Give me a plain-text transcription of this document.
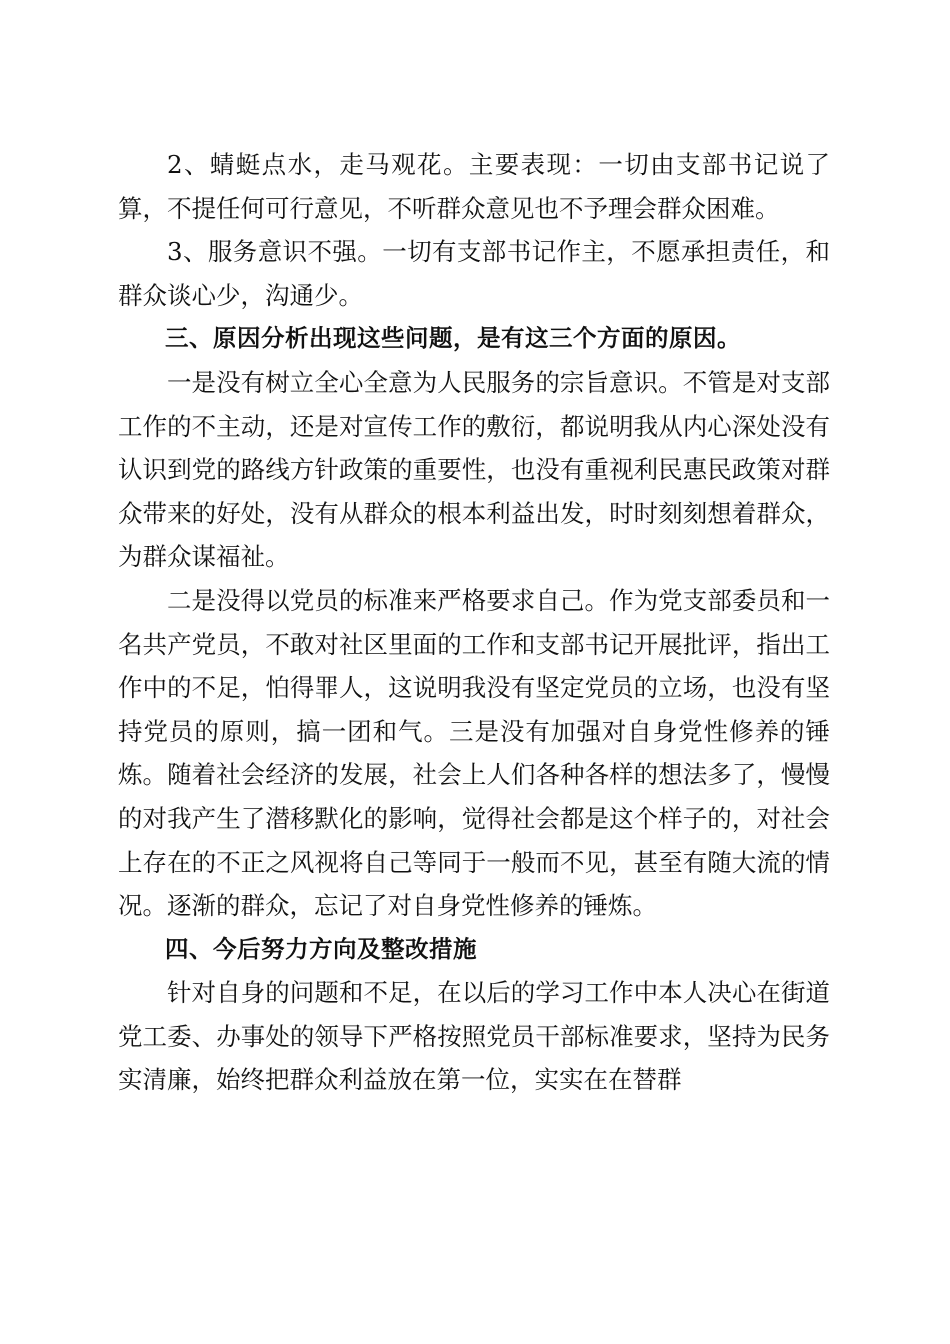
2、蜻蜓点水，走马观花。主要表现：一切由支部书记说了算，不提任何可行意见，不听群众意见也不予理会群众困难。

3、服务意识不强。一切有支部书记作主，不愿承担责任，和群众谈心少，沟通少。

三、原因分析出现这些问题，是有这三个方面的原因。

一是没有树立全心全意为人民服务的宗旨意识。不管是对支部工作的不主动，还是对宣传工作的敷衍，都说明我从内心深处没有认识到党的路线方针政策的重要性，也没有重视利民惠民政策对群众带来的好处，没有从群众的根本利益出发，时时刻刻想着群众，为群众谋福祉。

二是没得以党员的标准来严格要求自己。作为党支部委员和一名共产党员，不敢对社区里面的工作和支部书记开展批评，指出工作中的不足，怕得罪人，这说明我没有坚定党员的立场，也没有坚持党员的原则，搞一团和气。三是没有加强对自身党性修养的锤炼。随着社会经济的发展，社会上人们各种各样的想法多了，慢慢的对我产生了潜移默化的影响，觉得社会都是这个样子的，对社会上存在的不正之风视将自己等同于一般而不见，甚至有随大流的情况。逐渐的群众，忘记了对自身党性修养的锤炼。

四、今后努力方向及整改措施

针对自身的问题和不足，在以后的学习工作中本人决心在街道党工委、办事处的领导下严格按照党员干部标准要求，坚持为民务实清廉，始终把群众利益放在第一位，实实在在替群
